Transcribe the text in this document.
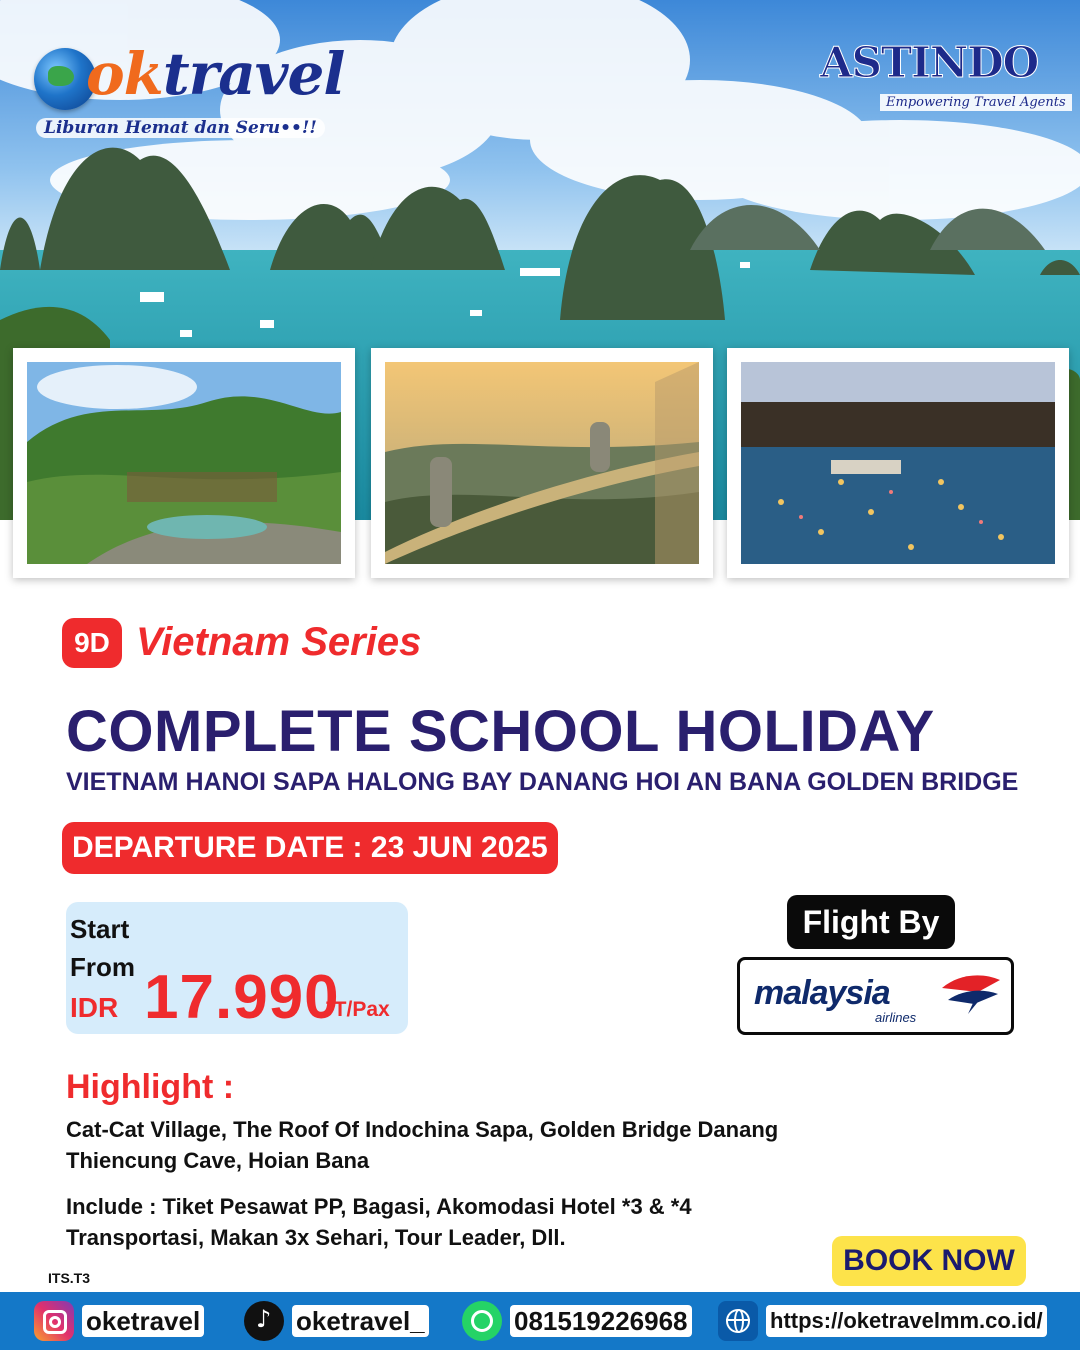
oktravel
Liburan Hemat dan Seru••!!
ASTINDO
Empowering Travel Agents
9D Vietnam Series
COMPLETE SCHOOL HOLIDAY
VIETNAM HANOI SAPA HALONG BAY DANANG HOI AN BANA GOLDEN BRIDGE
DEPARTURE DATE : 23 JUN 2025
Start
From
IDR 17.990
JT/Pax
Flight By
malaysia
airlines
Highlight :
Cat-Cat Village, The Roof Of Indochina Sapa, Golden Bridge Danang
Thiencung Cave, Hoian Bana
Include : Tiket Pesawat PP, Bagasi, Akomodasi Hotel *3 & *4
Transportasi, Makan 3x Sehari, Tour Leader, Dll.
ITS.T3
BOOK NOW
oketravel ♪ oketravel_	081519226968	https://oketravelmm.co.id/
